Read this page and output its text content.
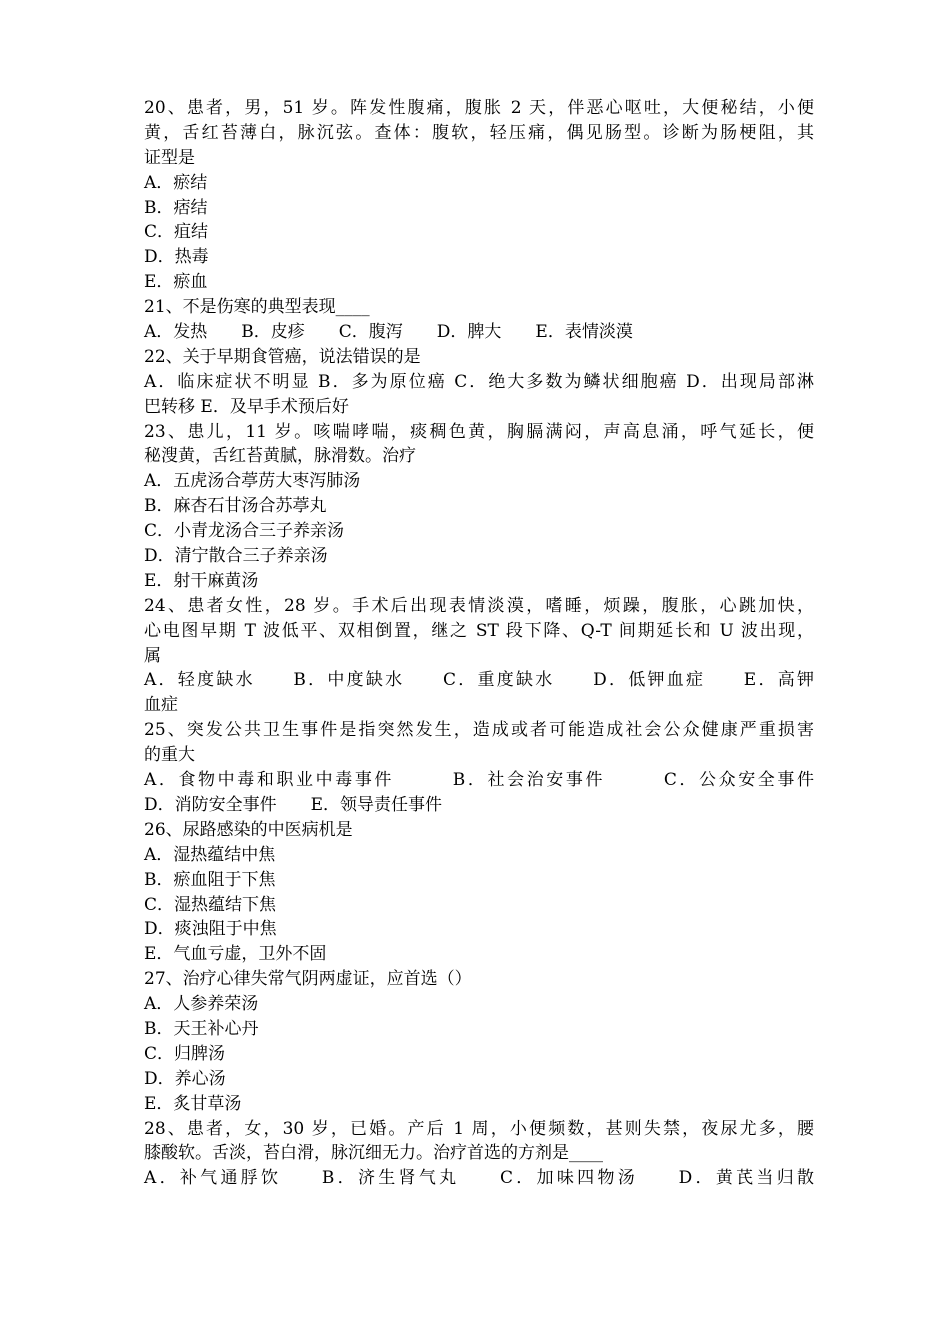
20、患者，男，51 岁。阵发性腹痛，腹胀 2 天，伴恶心呕吐，大便秘结，小便
黄，舌红苔薄白，脉沉弦。查体：腹软，轻压痛，偶见肠型。诊断为肠梗阻，其
证型是
A．瘀结
B．痞结
C．疽结
D．热毒
E．瘀血
21、不是伤寒的典型表现____
A．发热　　B．皮疹　　C．腹泻　　D．脾大　　E．表情淡漠
22、关于早期食管癌，说法错误的是
A．临床症状不明显 B．多为原位癌 C．绝大多数为鳞状细胞癌 D．出现局部淋
巴转移 E．及早手术预后好
23、患儿，11 岁。咳喘哮喘，痰稠色黄，胸膈满闷，声高息涌，呼气延长，便
秘溲黄，舌红苔黄腻，脉滑数。治疗
A．五虎汤合葶苈大枣泻肺汤
B．麻杏石甘汤合苏葶丸
C．小青龙汤合三子养亲汤
D．清宁散合三子养亲汤
E．射干麻黄汤
24、患者女性，28 岁。手术后出现表情淡漠，嗜睡，烦躁，腹胀，心跳加快，
心电图早期 T 波低平、双相倒置，继之 ST 段下降、Q-T 间期延长和 U 波出现，
属
A．轻度缺水　　B．中度缺水　　C．重度缺水　　D．低钾血症　　E．高钾
血症
25、突发公共卫生事件是指突然发生，造成或者可能造成社会公众健康严重损害
的重大
A．食物中毒和职业中毒事件　　　B．社会治安事件　　　C．公众安全事件
D．消防安全事件　　E．领导责任事件
26、尿路感染的中医病机是
A．湿热蕴结中焦
B．瘀血阻于下焦
C．湿热蕴结下焦
D．痰浊阻于中焦
E．气血亏虚，卫外不固
27、治疗心律失常气阴两虚证，应首选（）
A．人参养荣汤
B．天王补心丹
C．归脾汤
D．养心汤
E．炙甘草汤
28、患者，女，30 岁，已婚。产后 1 周，小便频数，甚则失禁，夜尿尤多，腰
膝酸软。舌淡，苔白滑，脉沉细无力。治疗首选的方剂是____
A．补气通脬饮　　B．济生肾气丸　　C．加味四物汤　　D．黄芪当归散
